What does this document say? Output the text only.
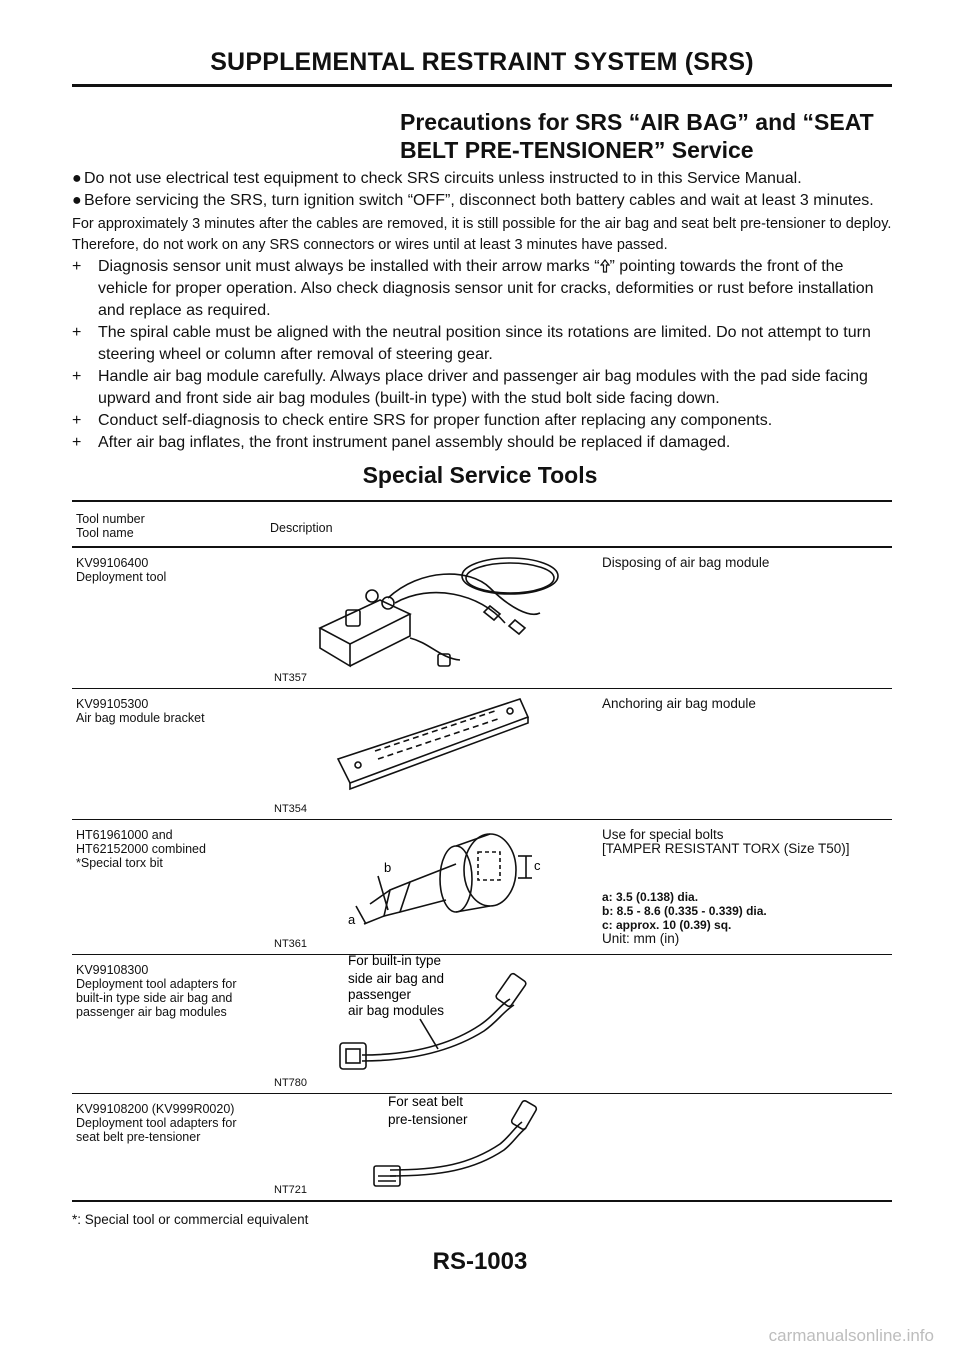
SUPPLEMENTAL RESTRAINT SYSTEM (SRS)
Precautions for SRS “AIR BAG” and “SEAT
BELT PRE-TENSIONER” Service

● Do not use electrical test equipment to check SRS circuits unless instructed to in this Service Manual.

● Before servicing the SRS, turn ignition switch “OFF”, disconnect both battery cables and wait at least 3 minutes.

For approximately 3 minutes after the cables are removed, it is still possible for the air bag and seat belt pre-tensioner to deploy. Therefore, do not work on any SRS connectors or wires until at least 3 minutes have passed.

+ Diagnosis sensor unit must always be installed with their arrow marks “ ” pointing towards the front of the vehicle for proper operation. Also check diagnosis sensor unit for cracks, deformities or rust before installation and replace as required.

+ The spiral cable must be aligned with the neutral position since its rotations are limited. Do not attempt to turn steering wheel or column after removal of steering gear.

+ Handle air bag module carefully. Always place driver and passenger air bag modules with the pad side facing upward and front side air bag modules (built-in type) with the stud bolt side facing down.

+ Conduct self-diagnosis to check entire SRS for proper function after replacing any components.

+ After air bag inflates, the front instrument panel assembly should be replaced if damaged.

Special Service Tools
Tool number
Tool name	Description
KV99106400
Deployment tool
NT357
Disposing of air bag module
KV99105300
Air bag module bracket
NT354
Anchoring air bag module
HT61961000 and
HT62152000 combined
*Special torx bit	c
b
a
NT361
Use for special bolts
[TAMPER RESISTANT TORX (Size T50)]
a: 3.5 (0.138) dia.
b: 8.5 - 8.6 (0.335 - 0.339) dia.
c: approx. 10 (0.39) sq.
Unit: mm (in)
KV99108300
Deployment tool adapters for
built-in type side air bag and
passenger air bag modules
For built-in type
side air bag and
passenger
air bag modules
NT780
KV99108200 (KV999R0020)
Deployment tool adapters for
seat belt pre-tensioner
For seat belt
pre-tensioner
NT721
*: Special tool or commercial equivalent
RS-1003
carmanualsonline.info
